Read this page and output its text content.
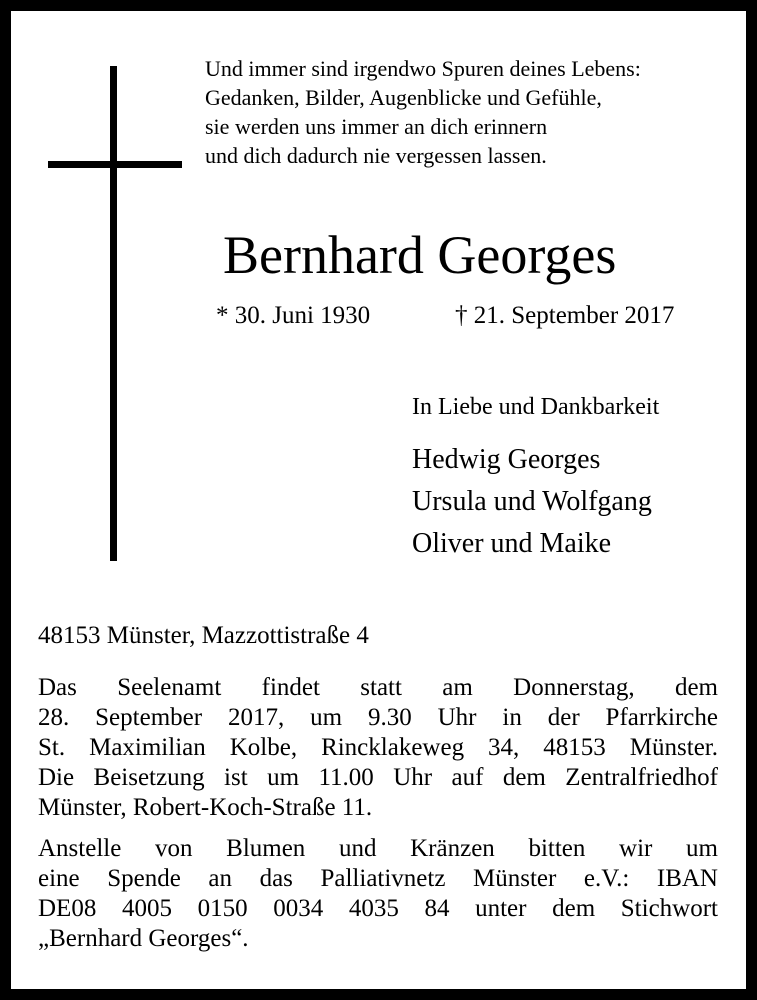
Und immer sind irgendwo Spuren deines Lebens:
Gedanken, Bilder, Augenblicke und Gefühle,
sie werden uns immer an dich erinnern
und dich dadurch nie vergessen lassen.
Bernhard Georges
* 30. Juni 1930	† 21. September 2017
In Liebe und Dankbarkeit
Hedwig Georges
Ursula und Wolfgang
Oliver und Maike
48153 Münster, Mazzottistraße 4
Das Seelenamt findet statt am Donnerstag, dem
28. September 2017, um 9.30 Uhr in der Pfarrkirche
St. Maximilian Kolbe, Rincklakeweg 34, 48153 Münster.
Die Beisetzung ist um 11.00 Uhr auf dem Zentralfriedhof
Münster, Robert-Koch-Straße 11.
Anstelle von Blumen und Kränzen bitten wir um
eine Spende an das Palliativnetz Münster e.V.: IBAN
DE08 4005 0150 0034 4035 84 unter dem Stichwort
„Bernhard Georges“.
